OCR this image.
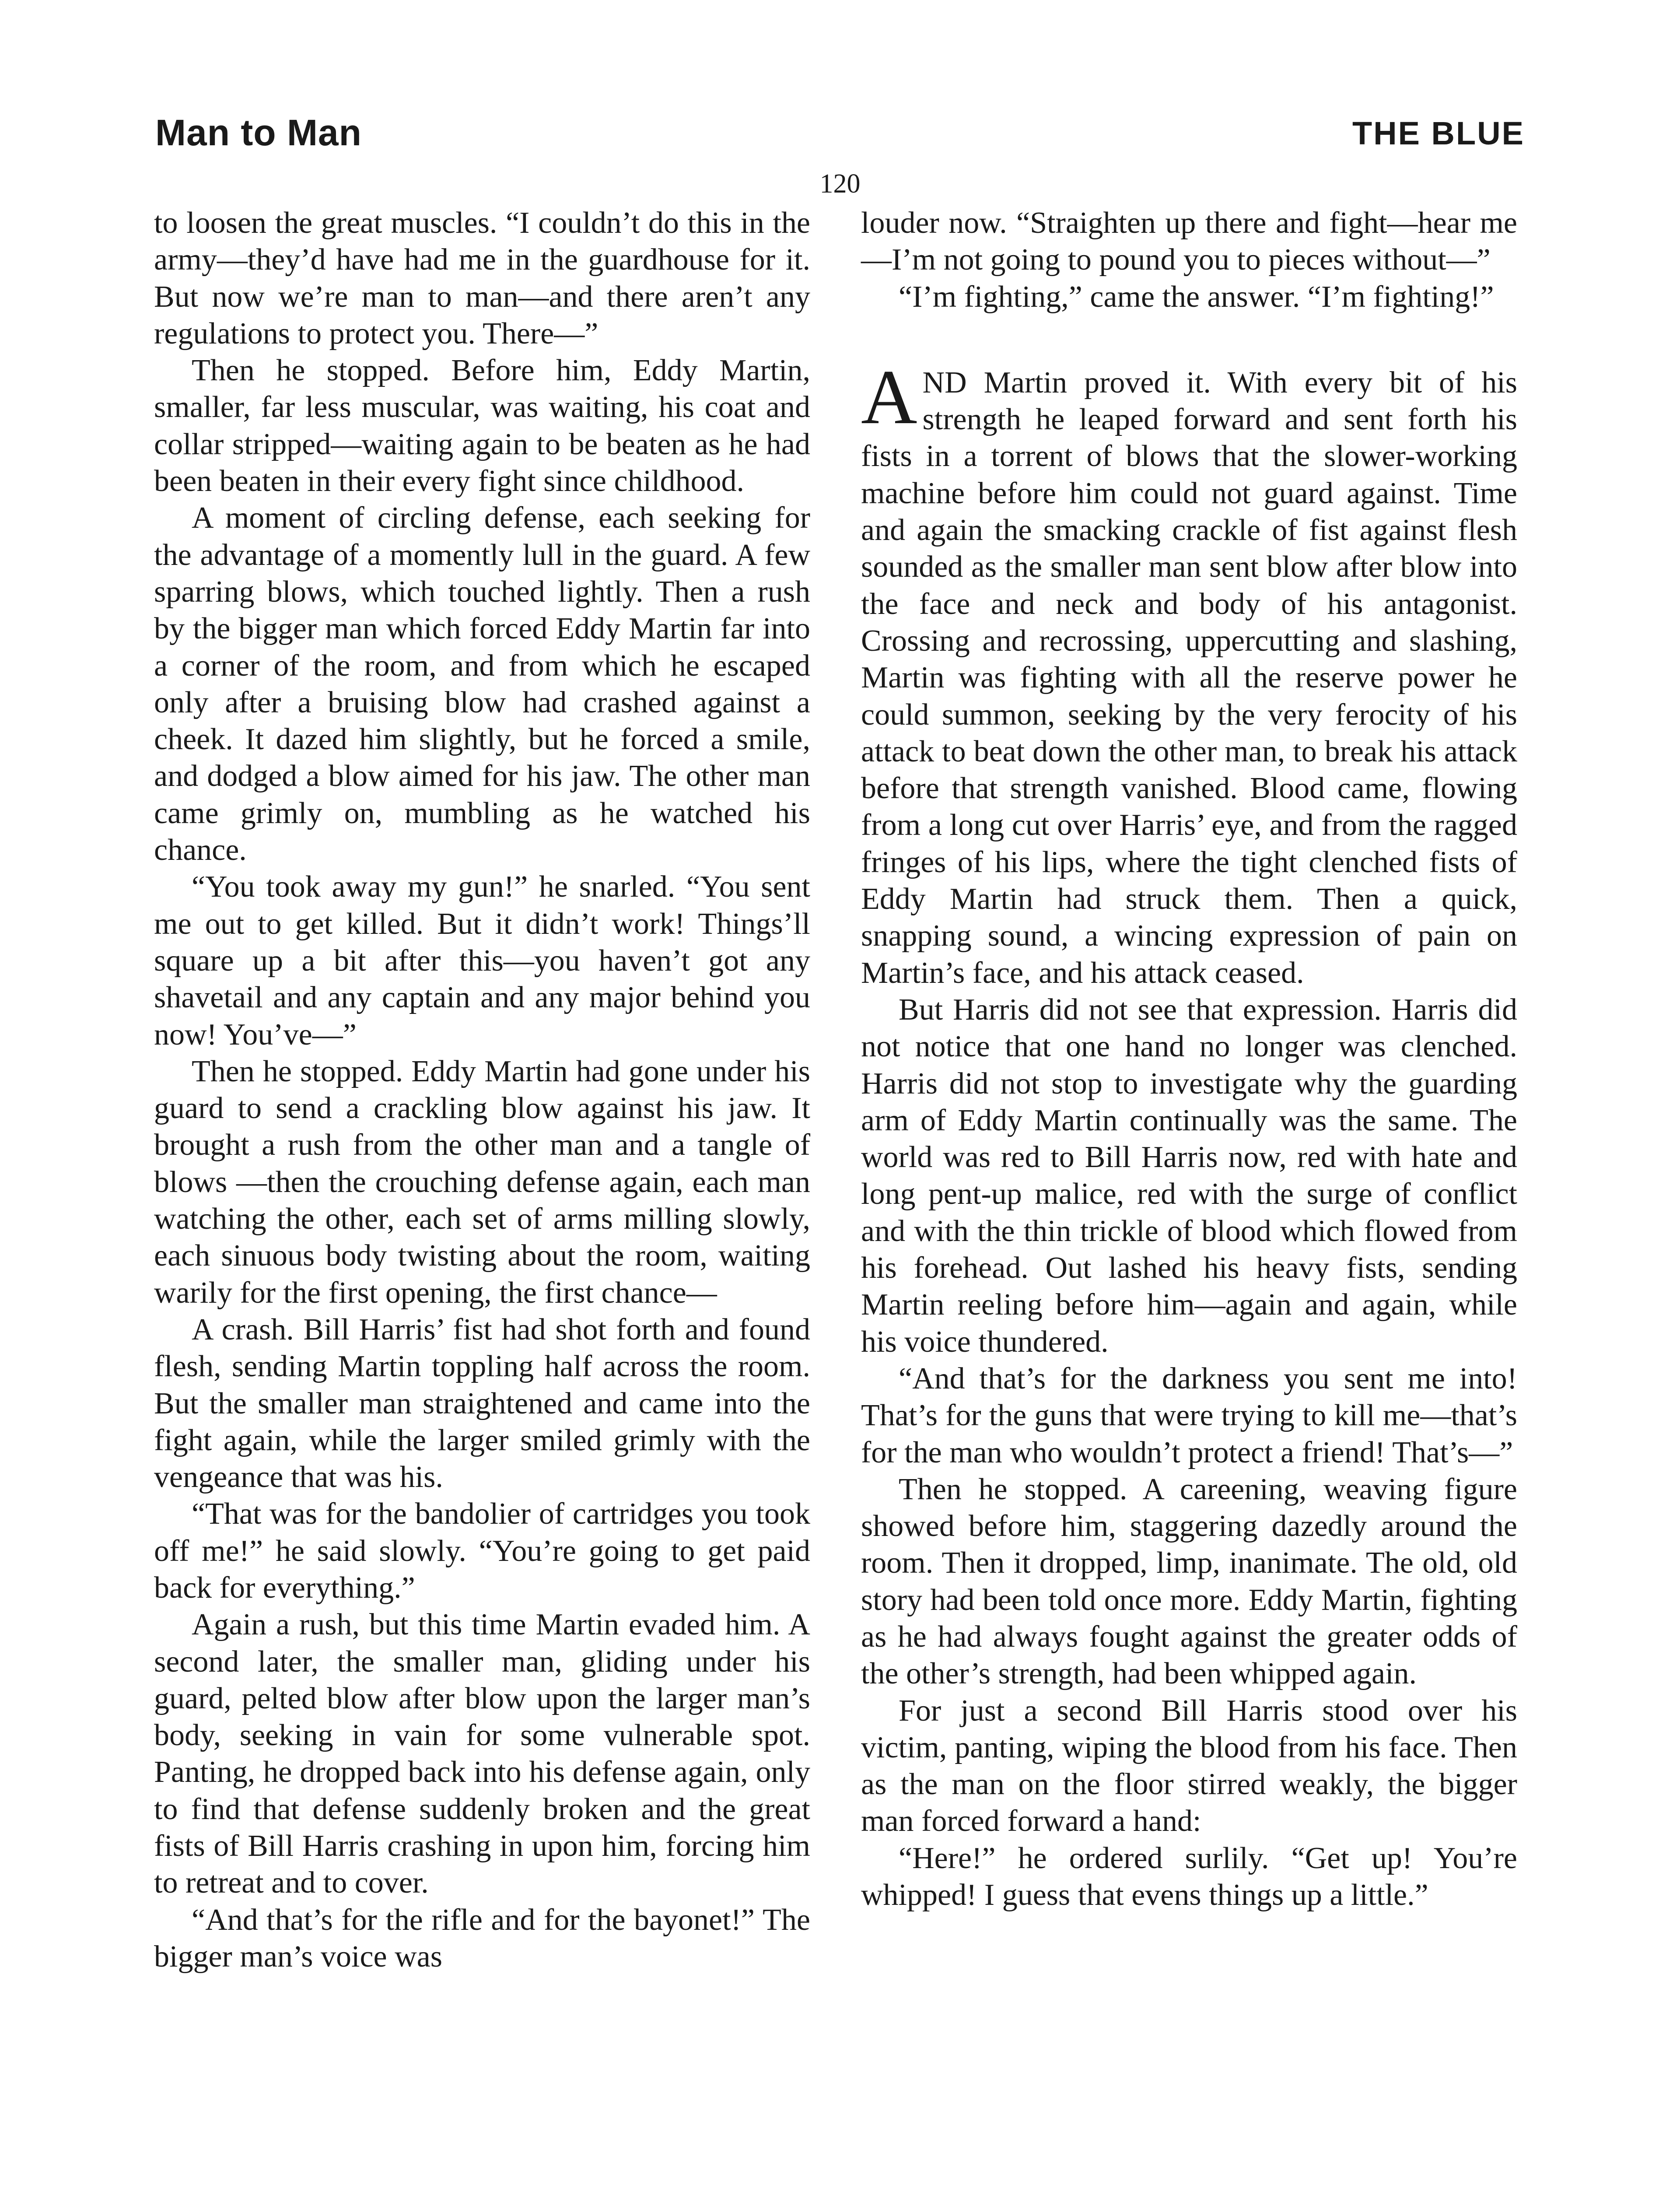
Man to Man	THE BLUE
120

to loosen the great muscles. “I couldn’t do this in the army—they’d have had me in the guardhouse for it. But now we’re man to man—and there aren’t any regulations to protect you. There—”

Then he stopped. Before him, Eddy Martin, smaller, far less muscular, was waiting, his coat and collar stripped—waiting again to be beaten as he had been beaten in their every fight since childhood.

A moment of circling defense, each seeking for the advantage of a momently lull in the guard. A few sparring blows, which touched lightly. Then a rush by the bigger man which forced Eddy Martin far into a corner of the room, and from which he escaped only after a bruising blow had crashed against a cheek. It dazed him slightly, but he forced a smile, and dodged a blow aimed for his jaw. The other man came grimly on, mumbling as he watched his chance.

“You took away my gun!” he snarled. “You sent me out to get killed. But it didn’t work! Things’ll square up a bit after this—you haven’t got any shavetail and any captain and any major behind you now! You’ve—”

Then he stopped. Eddy Martin had gone under his guard to send a crackling blow against his jaw. It brought a rush from the other man and a tangle of blows —then the crouching defense again, each man watching the other, each set of arms milling slowly, each sinuous body twisting about the room, waiting warily for the first opening, the first chance—

A crash. Bill Harris’ fist had shot forth and found flesh, sending Martin toppling half across the room. But the smaller man straightened and came into the fight again, while the larger smiled grimly with the vengeance that was his.

“That was for the bandolier of cartridges you took off me!” he said slowly. “You’re going to get paid back for everything.”

Again a rush, but this time Martin evaded him. A second later, the smaller man, gliding under his guard, pelted blow after blow upon the larger man’s body, seeking in vain for some vulnerable spot. Panting, he dropped back into his defense again, only to find that defense suddenly broken and the great fists of Bill Harris crashing in upon him, forcing him to retreat and to cover.

“And that’s for the rifle and for the bayonet!” The bigger man’s voice was

louder now. “Straighten up there and fight—hear me—I’m not going to pound you to pieces without—”

“I’m fighting,” came the answer. “I’m fighting!”

AND Martin proved it. With every bit of his strength he leaped forward and sent forth his fists in a torrent of blows that the slower-working machine before him could not guard against. Time and again the smacking crackle of fist against flesh sounded as the smaller man sent blow after blow into the face and neck and body of his antagonist. Crossing and recrossing, uppercutting and slashing, Martin was fighting with all the reserve power he could summon, seeking by the very ferocity of his attack to beat down the other man, to break his attack before that strength vanished. Blood came, flowing from a long cut over Harris’ eye, and from the ragged fringes of his lips, where the tight clenched fists of Eddy Martin had struck them. Then a quick, snapping sound, a wincing expression of pain on Martin’s face, and his attack ceased.

But Harris did not see that expression. Harris did not notice that one hand no longer was clenched. Harris did not stop to investigate why the guarding arm of Eddy Martin continually was the same. The world was red to Bill Harris now, red with hate and long pent-up malice, red with the surge of conflict and with the thin trickle of blood which flowed from his forehead. Out lashed his heavy fists, sending Martin reeling before him—again and again, while his voice thundered.

“And that’s for the darkness you sent me into! That’s for the guns that were trying to kill me—that’s for the man who wouldn’t protect a friend! That’s—”

Then he stopped. A careening, weaving figure showed before him, staggering dazedly around the room. Then it dropped, limp, inanimate. The old, old story had been told once more. Eddy Martin, fighting as he had always fought against the greater odds of the other’s strength, had been whipped again.

For just a second Bill Harris stood over his victim, panting, wiping the blood from his face. Then as the man on the floor stirred weakly, the bigger man forced forward a hand:

“Here!” he ordered surlily. “Get up! You’re whipped! I guess that evens things up a little.”
